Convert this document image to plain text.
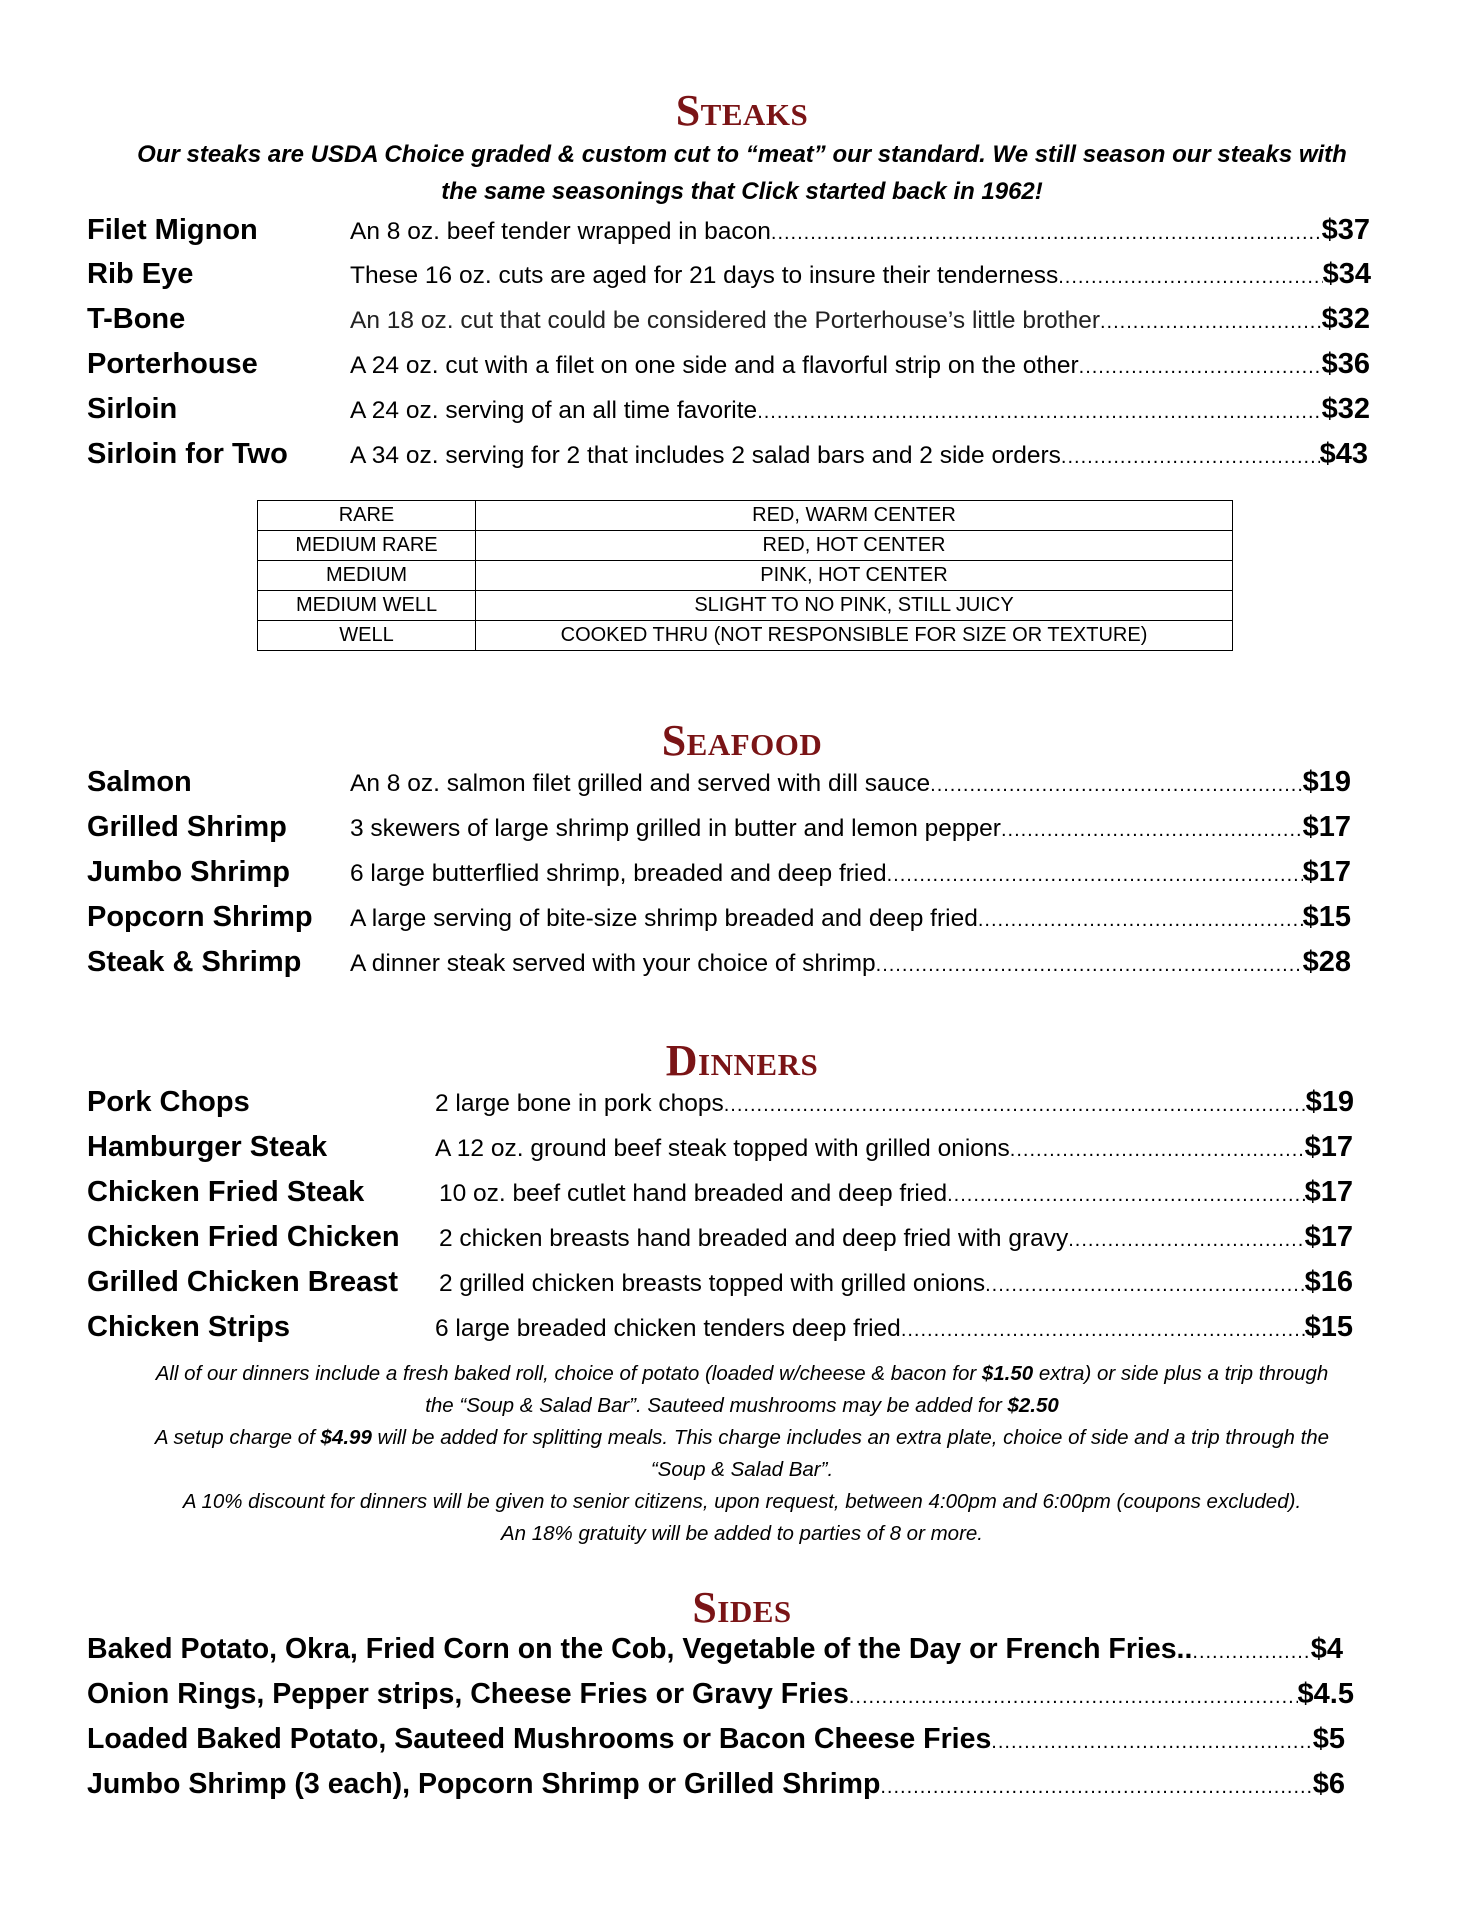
Steaks

Our steaks are USDA Choice graded & custom cut to “meat” our standard. We still season our steaks with

the same seasonings that Click started back in 1962!

Filet Mignon	An 8 oz. beef tender wrapped in bacon .....	$37
Rib Eye	These 16 oz. cuts are aged for 21 days to insure their tenderness .....	$34
T-Bone	An 18 oz. cut that could be considered the Porterhouse’s little brother .....	$32
Porterhouse	A 24 oz. cut with a filet on one side and a flavorful strip on the other .....	$36
Sirloin	A 24 oz. serving of an all time favorite .....	$32
Sirloin for Two	A 34 oz. serving for 2 that includes 2 salad bars and 2 side orders .....	$43
RARE	RED, WARM CENTER
MEDIUM RARE	RED, HOT CENTER
MEDIUM	PINK, HOT CENTER
MEDIUM WELL	SLIGHT TO NO PINK, STILL JUICY
WELL	COOKED THRU (NOT RESPONSIBLE FOR SIZE OR TEXTURE)
Seafood
Salmon	An 8 oz. salmon filet grilled and served with dill sauce .....	$19
Grilled Shrimp	3 skewers of large shrimp grilled in butter and lemon pepper .....	$17
Jumbo Shrimp	6 large butterflied shrimp, breaded and deep fried .....	$17
Popcorn Shrimp	A large serving of bite-size shrimp breaded and deep fried .....	$15
Steak & Shrimp	A dinner steak served with your choice of shrimp .....	$28
Dinners
Pork Chops	2 large bone in pork chops .....	$19
Hamburger Steak	A 12 oz. ground beef steak topped with grilled onions .....	$17
Chicken Fried Steak	10 oz. beef cutlet hand breaded and deep fried .....	$17
Chicken Fried Chicken	2 chicken breasts hand breaded and deep fried with gravy .....	$17
Grilled Chicken Breast	2 grilled chicken breasts topped with grilled onions .....	$16
Chicken Strips	6 large breaded chicken tenders deep fried .....	$15

All of our dinners include a fresh baked roll, choice of potato (loaded w/cheese & bacon for $1.50 extra) or side plus a trip through

the “Soup & Salad Bar”. Sauteed mushrooms may be added for $2.50

A setup charge of $4.99 will be added for splitting meals. This charge includes an extra plate, choice of side and a trip through the

“Soup & Salad Bar”.

A 10% discount for dinners will be given to senior citizens, upon request, between 4:00pm and 6:00pm (coupons excluded).

An 18% gratuity will be added to parties of 8 or more.

Sides
Baked Potato, Okra, Fried Corn on the Cob, Vegetable of the Day or French Fries.. .....	$4
Onion Rings, Pepper strips, Cheese Fries or Gravy Fries .....	$4.5
Loaded Baked Potato, Sauteed Mushrooms or Bacon Cheese Fries .....	$5
Jumbo Shrimp (3 each), Popcorn Shrimp or Grilled Shrimp .....	$6
